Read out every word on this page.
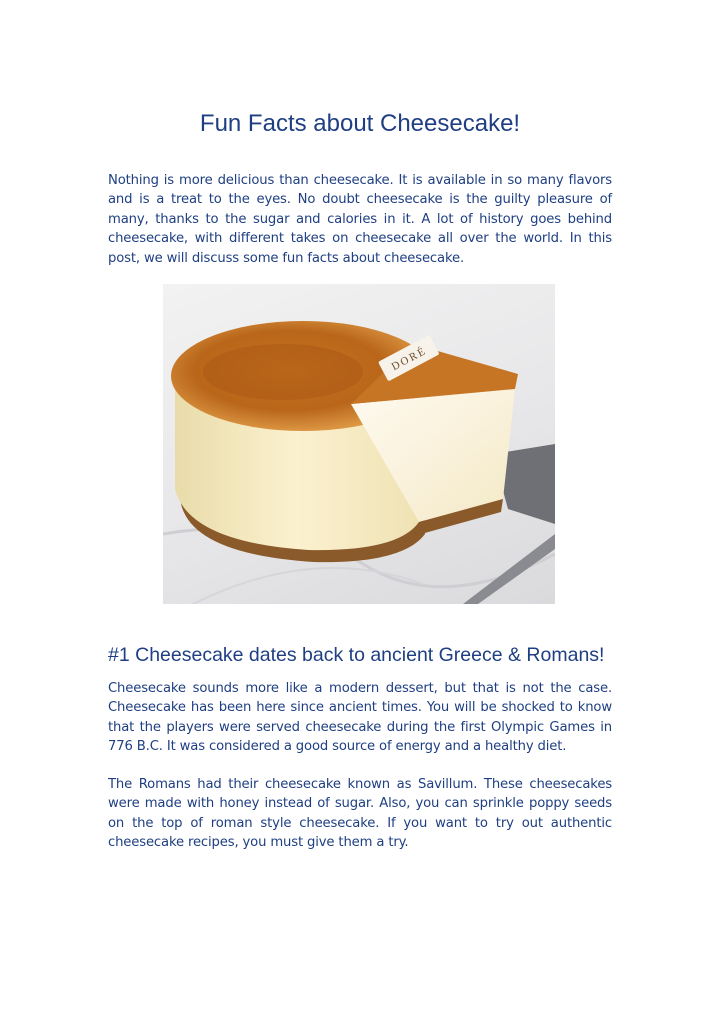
Fun Facts about Cheesecake!

Nothing is more delicious than cheesecake. It is available in so many flavors and is a treat to the eyes. No doubt cheesecake is the guilty pleasure of many, thanks to the sugar and calories in it. A lot of history goes behind cheesecake, with different takes on cheesecake all over the world. In this post, we will discuss some fun facts about cheesecake.

DORÉ
#1 Cheesecake dates back to ancient Greece & Romans!

Cheesecake sounds more like a modern dessert, but that is not the case. Cheesecake has been here since ancient times. You will be shocked to know that the players were served cheesecake during the first Olympic Games in 776 B.C. It was considered a good source of energy and a healthy diet.

The Romans had their cheesecake known as Savillum. These cheesecakes were made with honey instead of sugar. Also, you can sprinkle poppy seeds on the top of roman style cheesecake. If you want to try out authentic cheesecake recipes, you must give them a try.
